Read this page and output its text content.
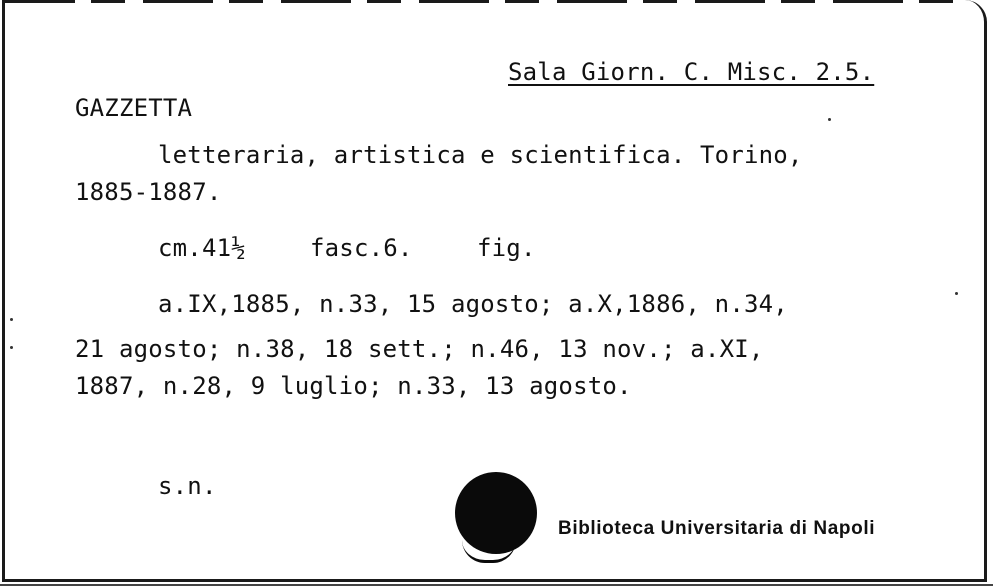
Sala Giorn. C. Misc. 2.5.
GAZZETTA
letteraria, artistica e scientifica. Torino,
1885-1887.
cm.41½	fasc.6.	fig.
a.IX,1885, n.33, 15 agosto; a.X,1886, n.34,
21 agosto; n.38, 18 sett.; n.46, 13 nov.; a.XI,
1887, n.28, 9 luglio; n.33, 13 agosto.
s.n.
Biblioteca Universitaria di Napoli
